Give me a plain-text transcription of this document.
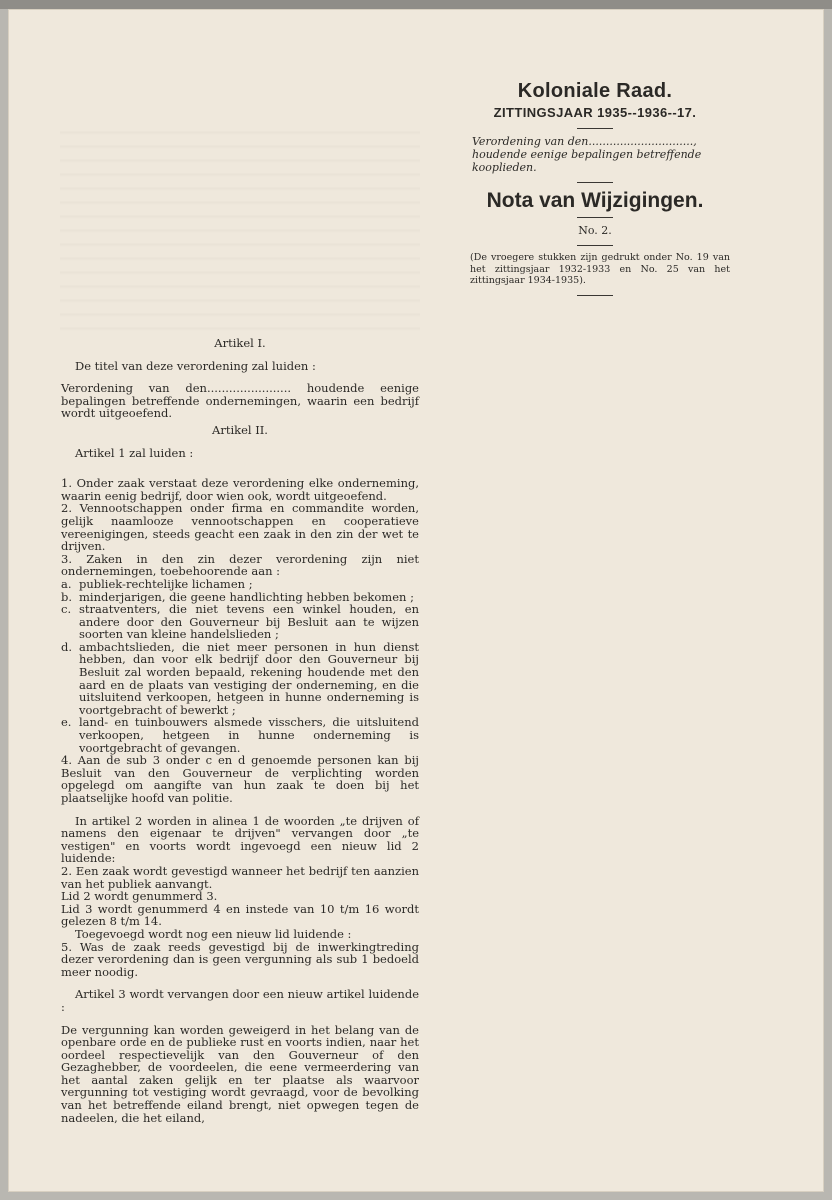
Koloniale Raad.
ZITTINGSJAAR 1935--1936--17.
Verordening van den.............................., houdende eenige bepalingen betreffende kooplieden.
Nota van Wijzigingen.
No. 2.
(De vroegere stukken zijn gedrukt onder No. 19 van het zittingsjaar 1932-1933 en No. 25 van het zittingsjaar 1934-1935).

Artikel I.

De titel van deze verordening zal luiden :

Verordening van den....................... houdende eenige bepalingen betreffende ondernemingen, waarin een bedrijf wordt uitgeoefend.

Artikel II.

Artikel 1 zal luiden :

1. Onder zaak verstaat deze verordening elke onderneming, waarin eenig bedrijf, door wien ook, wordt uitgeoefend.

2. Vennootschappen onder firma en commandite worden, gelijk naamlooze vennootschappen en cooperatieve vereenigingen, steeds geacht een zaak in den zin der wet te drijven.

3. Zaken in den zin dezer verordening zijn niet ondernemingen, toebehoorende aan :

a. publiek-rechtelijke lichamen ;
b. minderjarigen, die geene handlichting hebben bekomen ;
c. straatventers, die niet tevens een winkel houden, en andere door den Gouverneur bij Besluit aan te wijzen soorten van kleine handelslieden ;
d. ambachtslieden, die niet meer personen in hun dienst hebben, dan voor elk bedrijf door den Gouverneur bij Besluit zal worden bepaald, rekening houdende met den aard en de plaats van vestiging der onderneming, en die uitsluitend verkoopen, hetgeen in hunne onderneming is voortgebracht of bewerkt ;
e. land- en tuinbouwers alsmede visschers, die uitsluitend verkoopen, hetgeen in hunne onderneming is voortgebracht of gevangen.

4. Aan de sub 3 onder c en d genoemde personen kan bij Besluit van den Gouverneur de verplichting worden opgelegd om aangifte van hun zaak te doen bij het plaatselijke hoofd van politie.

In artikel 2 worden in alinea 1 de woorden „te drijven of namens den eigenaar te drijven" vervangen door „te vestigen" en voorts wordt ingevoegd een nieuw lid 2 luidende:

2. Een zaak wordt gevestigd wanneer het bedrijf ten aanzien van het publiek aanvangt.

Lid 2 wordt genummerd 3.

Lid 3 wordt genummerd 4 en instede van 10 t/m 16 wordt gelezen 8 t/m 14.

Toegevoegd wordt nog een nieuw lid luidende :

5. Was de zaak reeds gevestigd bij de inwerkingtreding dezer verordening dan is geen vergunning als sub 1 bedoeld meer noodig.

Artikel 3 wordt vervangen door een nieuw artikel luidende :

De vergunning kan worden geweigerd in het belang van de openbare orde en de publieke rust en voorts indien, naar het oordeel respectievelijk van den Gouverneur of den Gezaghebber, de voordeelen, die eene vermeerdering van het aantal zaken gelijk en ter plaatse als waarvoor vergunning tot vestiging wordt gevraagd, voor de bevolking van het betreffende eiland brengt, niet opwegen tegen de nadeelen, die het eiland,
